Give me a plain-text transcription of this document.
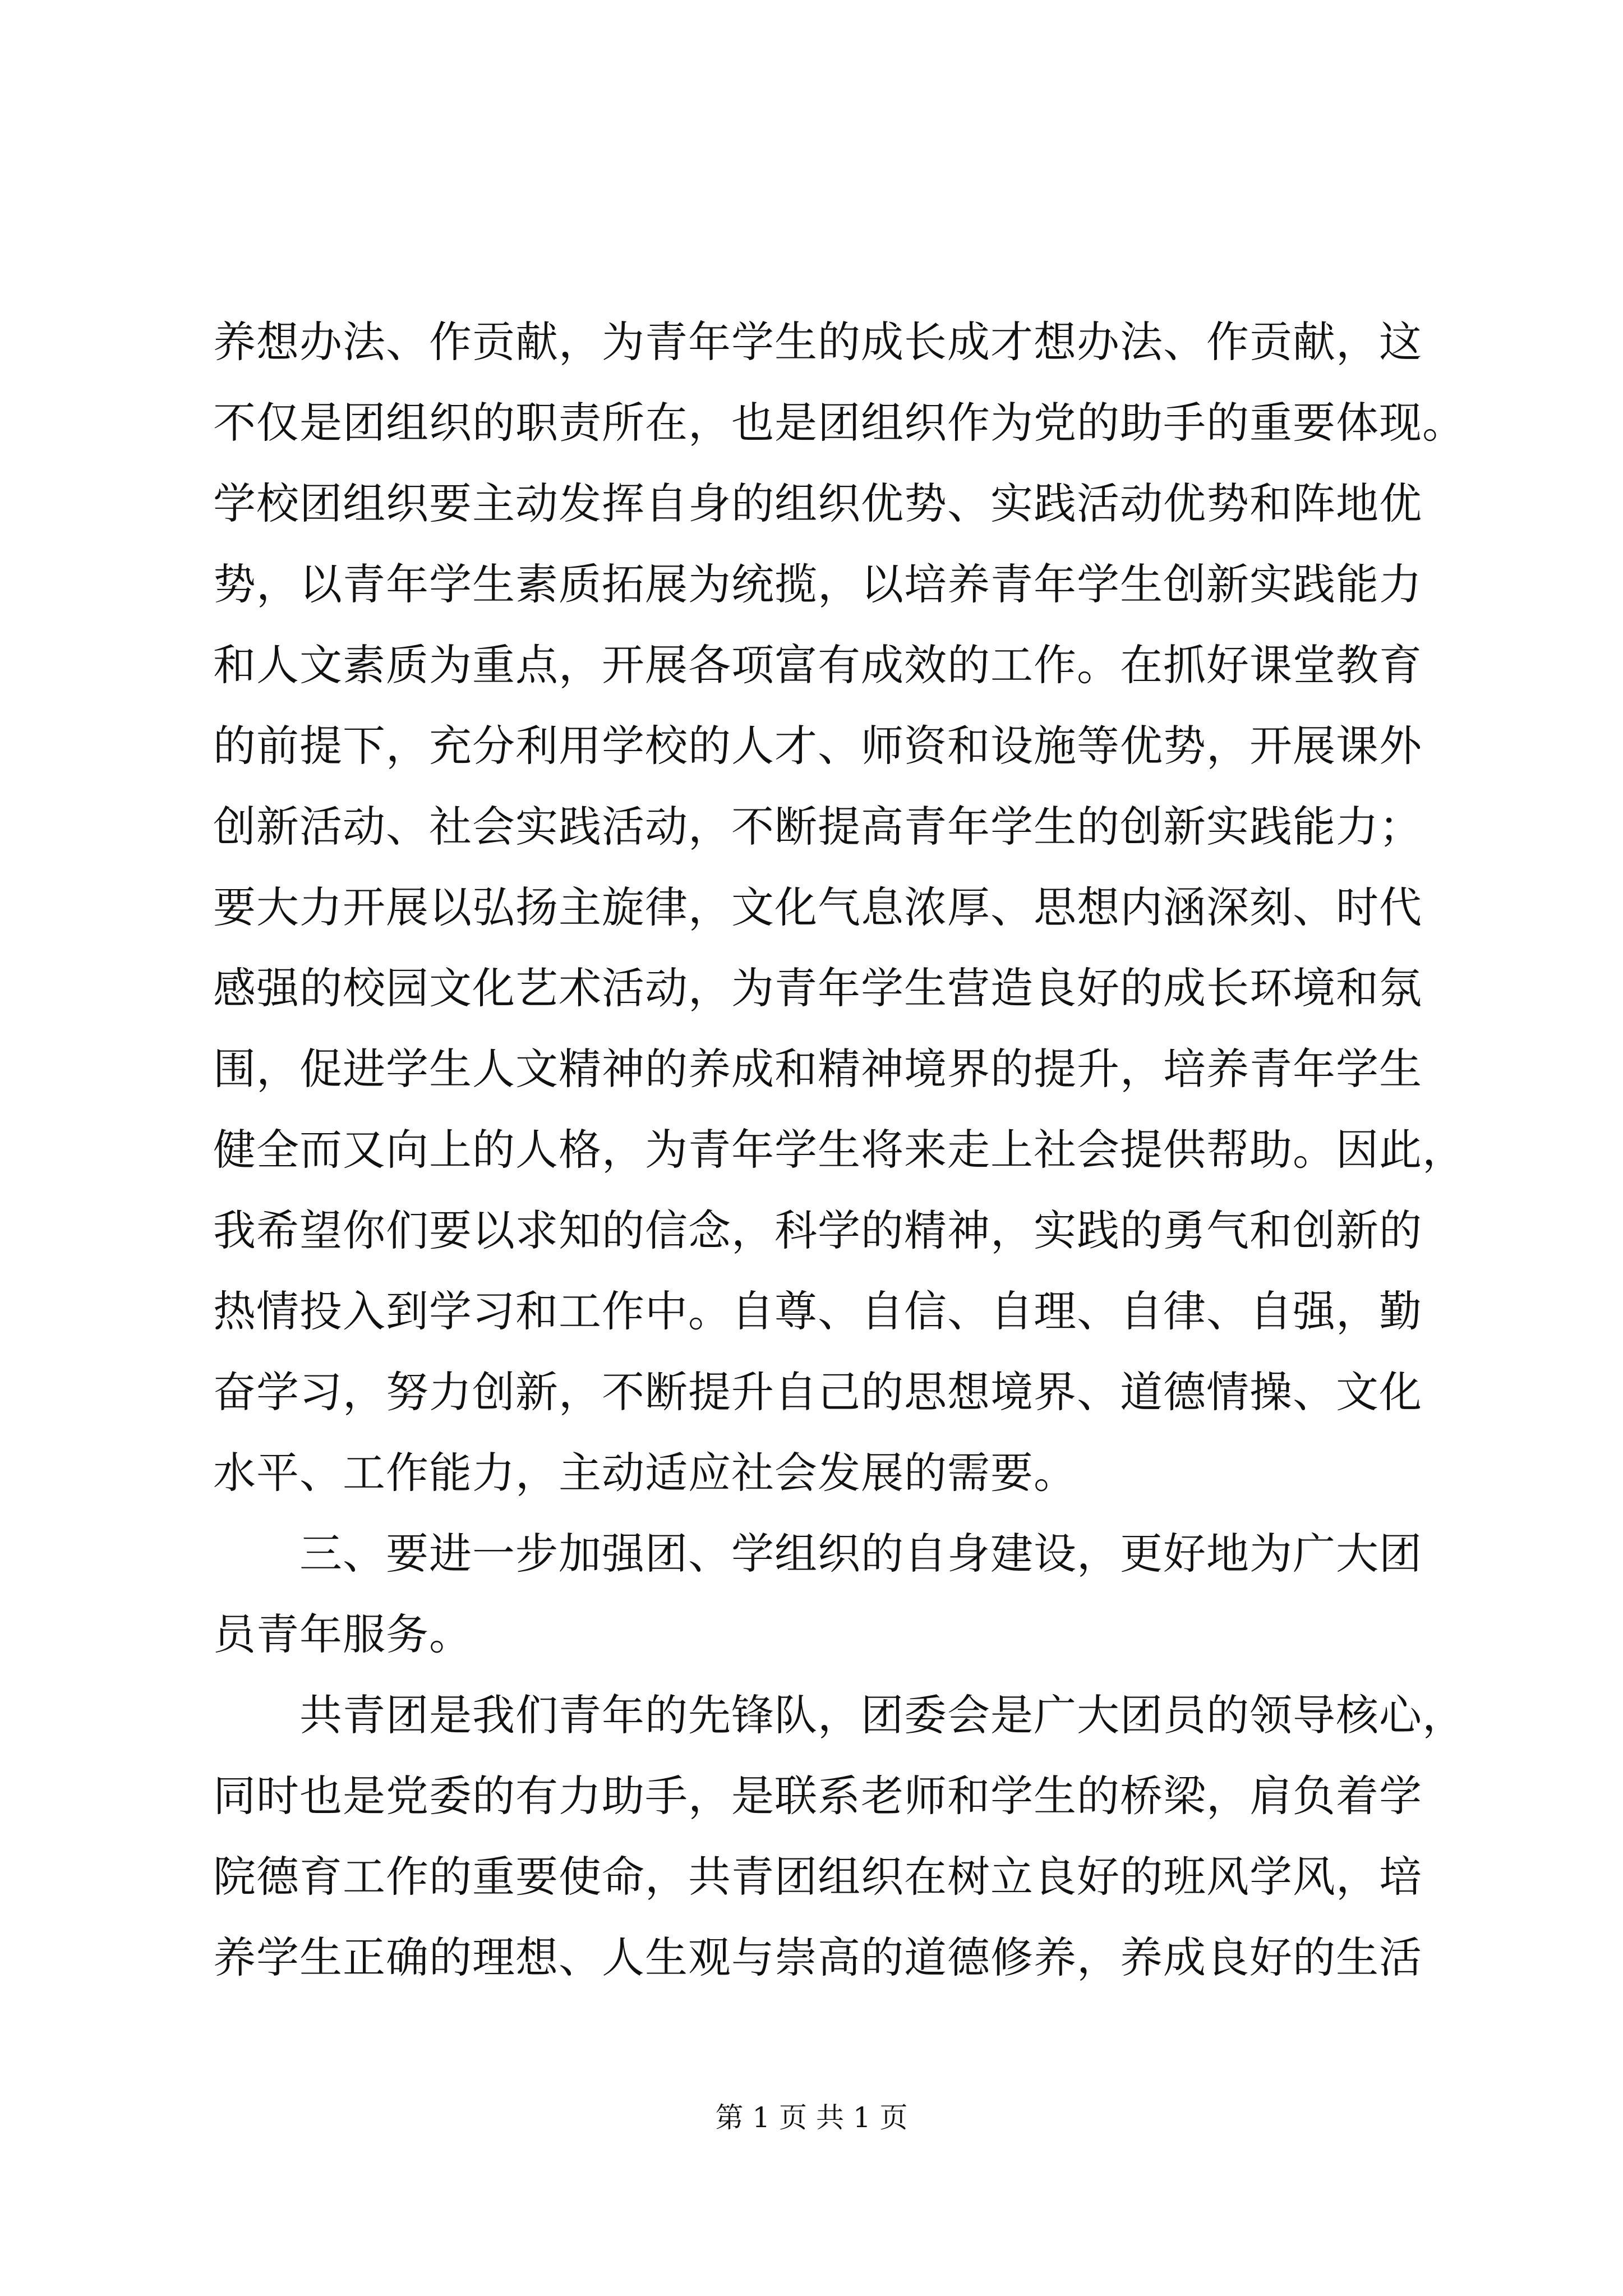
养想办法、作贡献，为青年学生的成长成才想办法、作贡献，这
不仅是团组织的职责所在，也是团组织作为党的助手的重要体现。
学校团组织要主动发挥自身的组织优势、实践活动优势和阵地优
势，以青年学生素质拓展为统揽，以培养青年学生创新实践能力
和人文素质为重点，开展各项富有成效的工作。在抓好课堂教育
的前提下，充分利用学校的人才、师资和设施等优势，开展课外
创新活动、社会实践活动，不断提高青年学生的创新实践能力；
要大力开展以弘扬主旋律，文化气息浓厚、思想内涵深刻、时代
感强的校园文化艺术活动，为青年学生营造良好的成长环境和氛
围，促进学生人文精神的养成和精神境界的提升，培养青年学生
健全而又向上的人格，为青年学生将来走上社会提供帮助。因此，
我希望你们要以求知的信念，科学的精神，实践的勇气和创新的
热情投入到学习和工作中。自尊、自信、自理、自律、自强，勤
奋学习，努力创新，不断提升自己的思想境界、道德情操、文化
水平、工作能力，主动适应社会发展的需要。
三、要进一步加强团、学组织的自身建设，更好地为广大团
员青年服务。
共青团是我们青年的先锋队，团委会是广大团员的领导核心，
同时也是党委的有力助手，是联系老师和学生的桥梁，肩负着学
院德育工作的重要使命，共青团组织在树立良好的班风学风，培
养学生正确的理想、人生观与崇高的道德修养，养成良好的生活
第 1 页 共 1 页
